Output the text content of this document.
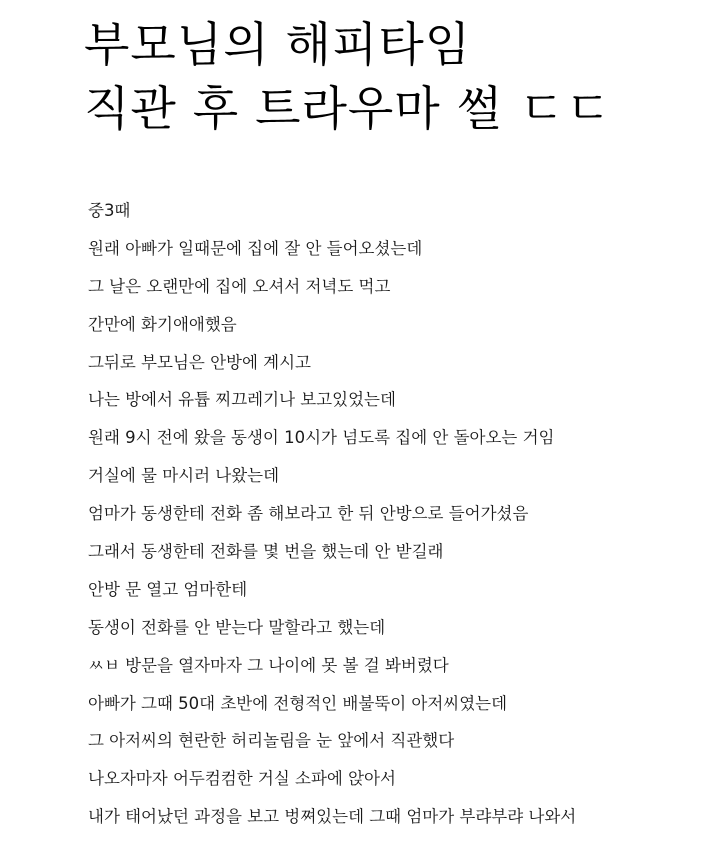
부모님의 해피타임
직관 후 트라우마 썰 ㄷㄷ
중3때
원래 아빠가 일때문에 집에 잘 안 들어오셨는데
그 날은 오랜만에 집에 오셔서 저녁도 먹고
간만에 화기애애했음
그뒤로 부모님은 안방에 계시고
나는 방에서 유튭 찌끄레기나 보고있었는데
원래 9시 전에 왔을 동생이 10시가 넘도록 집에 안 돌아오는 거임
거실에 물 마시러 나왔는데
엄마가 동생한테 전화 좀 해보라고 한 뒤 안방으로 들어가셨음
그래서 동생한테 전화를 몇 번을 했는데 안 받길래
안방 문 열고 엄마한테
동생이 전화를 안 받는다 말할라고 했는데
ㅆㅂ 방문을 열자마자 그 나이에 못 볼 걸 봐버렸다
아빠가 그때 50대 초반에 전형적인 배불뚝이 아저씨였는데
그 아저씨의 현란한 허리놀림을 눈 앞에서 직관했다
나오자마자 어두컴컴한 거실 소파에 앉아서
내가 태어났던 과정을 보고 벙쪄있는데 그때 엄마가 부랴부랴 나와서
